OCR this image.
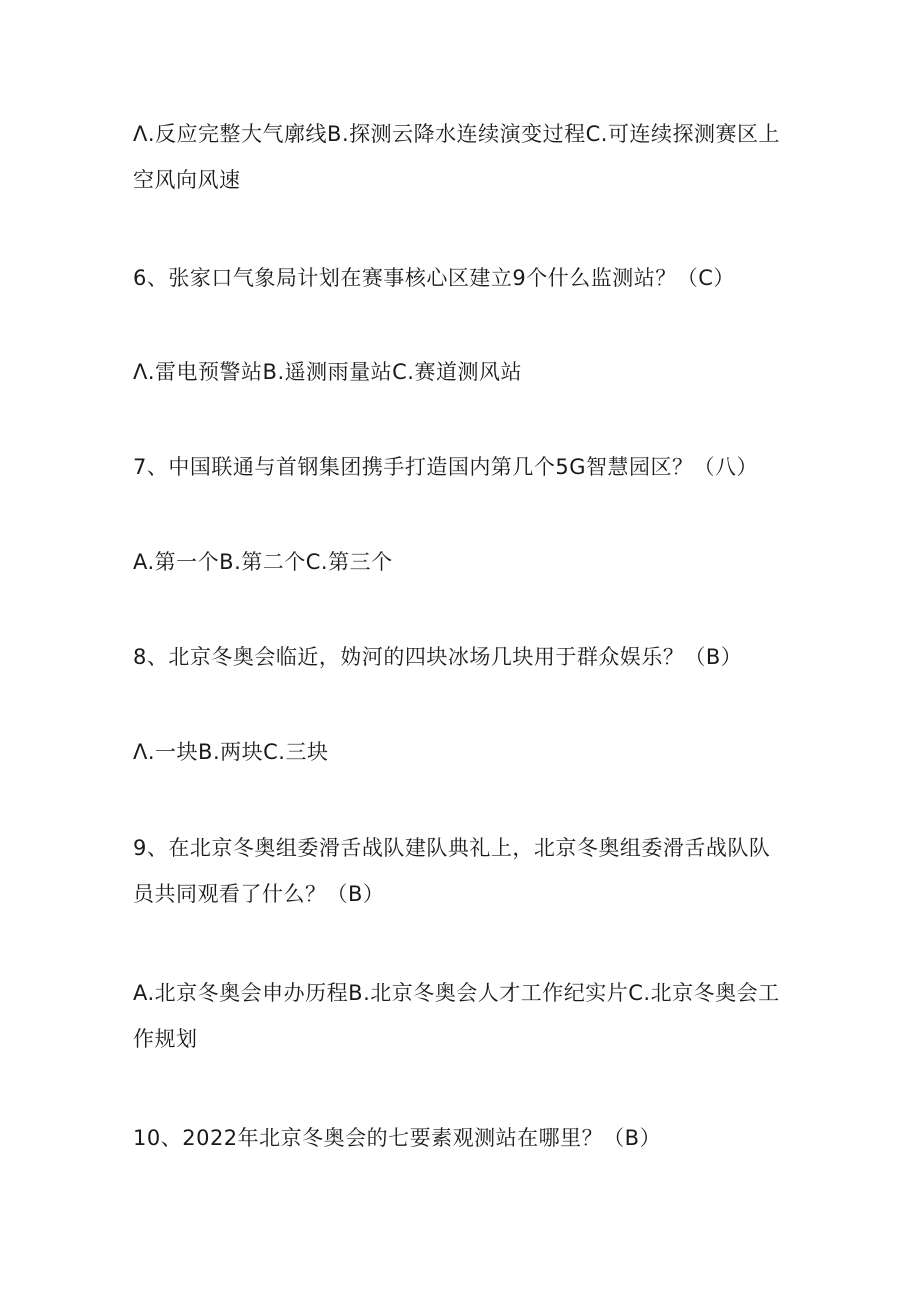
Λ.反应完整大气廓线B.探测云降水连续演变过程C.可连续探测赛区上空风向风速

6、张家口气象局计划在赛事核心区建立9个什么监测站？（C）

Λ.雷电预警站B.遥测雨量站C.赛道测风站

7、中国联通与首钢集团携手打造国内第几个5G智慧园区？（八）

A.第一个B.第二个C.第三个

8、北京冬奥会临近，妫河的四块冰场几块用于群众娱乐？（B）

Λ.一块B.两块C.三块

9、在北京冬奥组委滑舌战队建队典礼上，北京冬奥组委滑舌战队队员共同观看了什么？（B）

A.北京冬奥会申办历程B.北京冬奥会人才工作纪实片C.北京冬奥会工作规划

10、2022年北京冬奥会的七要素观测站在哪里？（B）
